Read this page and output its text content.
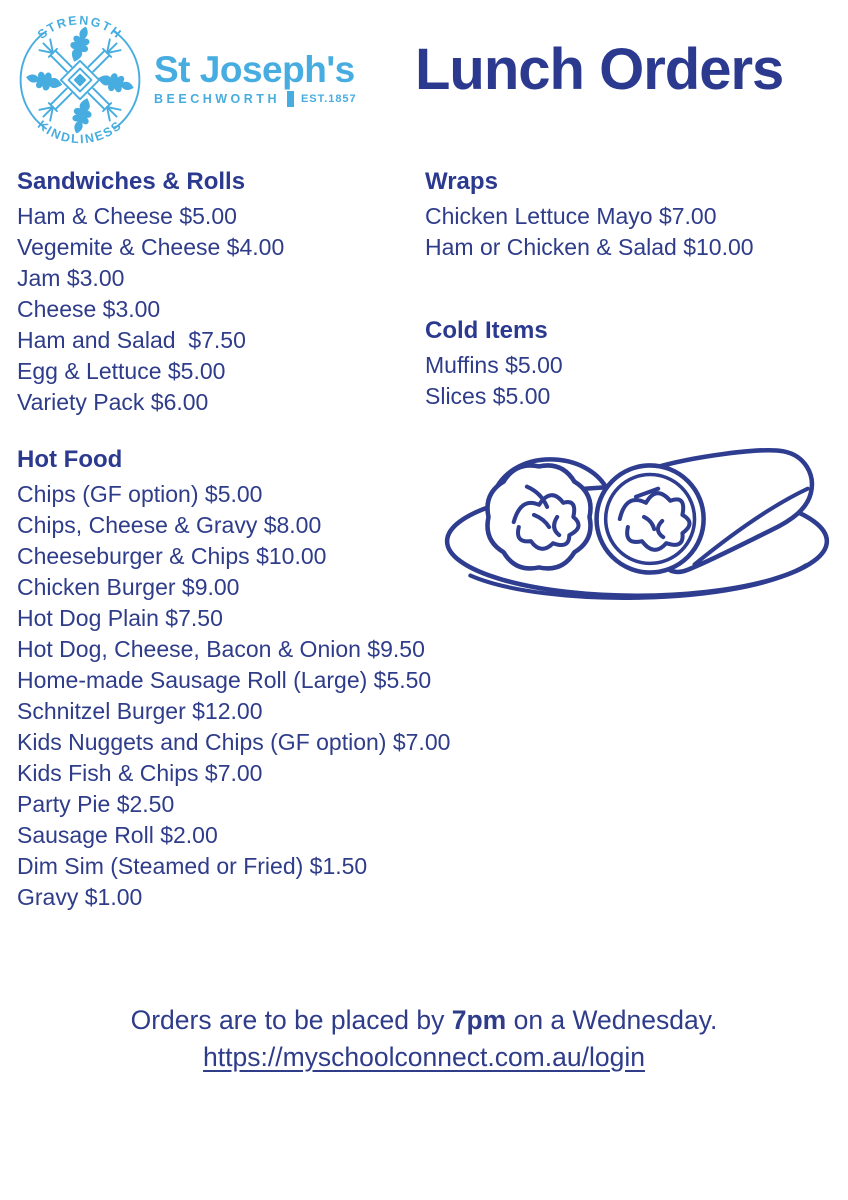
STRENGTH
KINDLINESS
St Joseph's
BEECHWORTH EST.1857 Lunch Orders
Sandwiches & Rolls
Ham & Cheese $5.00
Vegemite & Cheese $4.00
Jam $3.00
Cheese $3.00
Ham and Salad  $7.50
Egg & Lettuce $5.00
Variety Pack $6.00
Hot Food
Chips (GF option) $5.00
Chips, Cheese & Gravy $8.00
Cheeseburger & Chips $10.00
Chicken Burger $9.00
Hot Dog Plain $7.50
Hot Dog, Cheese, Bacon & Onion $9.50
Home-made Sausage Roll (Large) $5.50
Schnitzel Burger $12.00
Kids Nuggets and Chips (GF option) $7.00
Kids Fish & Chips $7.00
Party Pie $2.50
Sausage Roll $2.00
Dim Sim (Steamed or Fried) $1.50
Gravy $1.00
Wraps
Chicken Lettuce Mayo $7.00
Ham or Chicken & Salad $10.00
Cold Items
Muffins $5.00
Slices $5.00
Orders are to be placed by 7pm on a Wednesday.
https://myschoolconnect.com.au/login
